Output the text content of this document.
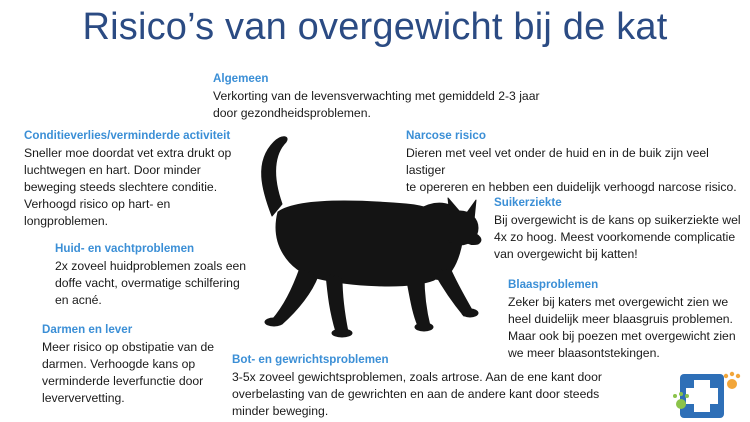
Risico’s van overgewicht bij de kat
Algemeen

Verkorting van de levensverwachting met gemiddeld 2-3 jaar

door gezondheidsproblemen.

Conditieverlies/verminderde activiteit

Sneller moe doordat vet extra drukt op

luchtwegen en hart. Door minder

beweging steeds slechtere conditie.

Verhoogd risico op hart- en

longproblemen.

Narcose risico

Dieren met veel vet onder de huid en in de buik zijn veel lastiger

te opereren en hebben een duidelijk verhoogd narcose risico.

Suikerziekte

Bij overgewicht is de kans op suikerziekte wel

4x zo hoog. Meest voorkomende complicatie

van overgewicht bij katten!

Huid- en vachtproblemen

2x zoveel huidproblemen zoals een

doffe vacht, overmatige schilfering

en acné.

Blaasproblemen

Zeker bij katers met overgewicht zien we

heel duidelijk meer blaasgruis problemen.

Maar ook bij poezen met overgewicht zien

we meer blaasontstekingen.

Darmen en lever

Meer risico op obstipatie van de

darmen. Verhoogde kans op

verminderde leverfunctie door

leververvetting.

Bot- en gewrichtsproblemen

3-5x zoveel gewichtsproblemen, zoals artrose. Aan de ene kant door

overbelasting van de gewrichten en aan de andere kant door steeds

minder beweging.
